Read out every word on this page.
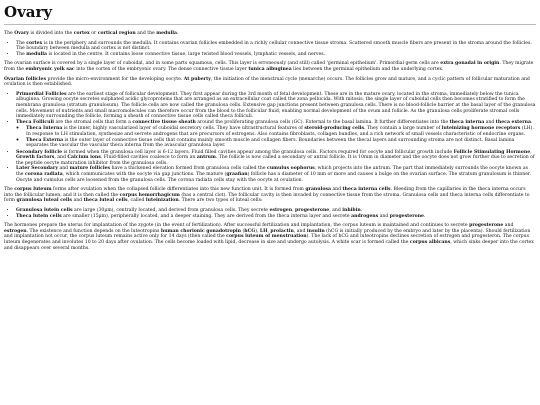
Ovary

The Ovary is divided into the cortex or cortical region and the medulla.

• The cortex is in the periphery and surrounds the medulla. It contains ovarian follicles embedded in a richly cellular connective tissue stroma. Scattered smooth muscle fibers are present in the stroma around the follicles. The boundary between medulla and cortex is not distinct.
• The medulla is located in the centre. It contains loose connective tissue, large twisted blood vessels, lymphatic vessels, and nerves.

The ovarian surface is covered by a single layer of cuboidal, and in some parts squamous, cells. This layer is erroneously (and still) called 'germinal epithelium'. Primordial germ cells are extra gonadal in origin. They migrate from the embryonic yolk sac into the cortex of the embryonic ovary. The dense connective tissue layer tunica albuginea lies between the germinal epithelium and the underlying cortex.

Ovarian follicles provide the micro-environment for the developing oocyte. At puberty, the initiation of the menstrual cycle (menarche) occurs. The follicles grow and mature, and a cyclic pattern of follicular maturation and ovulation is then established.

• Primordial Follicles are the earliest stage of follicular development. They first appear during the 3rd month of fetal development. These are in the mature ovary, located in the stroma, immediately below the tunica albuginea. Growing oocyte secretes sulphated acidic glycoproteins that are arranged as an extracellular coat called the zona pellucida. With mitosis, the single layer of cuboidal cells then becomes stratified to form the membrana granulosa (stratum granulosum). The follicle cells are now called the granulosa cells. Extensive gap junctions present between granulosa cells. There is no blood-follicle barrier at the basal layer of the granulosa cells. Movement of nutrients and small macromolecules can therefore occur from the blood to the follicular fluid, enabling normal development of the ovum and follicle. As the granulosa cells proliferate stromal cells immediately surrounding the follicle, forming a sheath of connective tissue cells called theca folliculi.
• Theca Folliculi are the stromal cells that form a connective tissue sheath around the proliferating granulosa cells (GC). External to the basal lamina. It further differentiates into the theca interna and theca externa.
◦ Theca Interna is the inner, highly vascularized layer of cuboidal secretory cells. They have ultrastructural features of steroid-producing cells. They contain a large number of luteinizing hormone receptors (LH). In response to LH stimulation, synthesize and secrete androgens that are precursors of estrogens. Also contains fibroblasts, collagen bundles, and a rich network of small vessels characteristic of endocrine organs.
◦ Theca Externa is the outer layer of connective tissue cells that contains mainly smooth muscle and collagen fibers. Boundaries between the thecal layers and surrounding stroma are not distinct. Basal lamina separates the vascular the vascular theca interna from the avascular granulosa layer.
• Secondary follicle is formed when the granulosa cell layer is 6-12 layers. Fluid filled cavities appear among the granulosa cells. Factors required for oocyte and follicular growth include Follicle Stimulating Hormone, Growth factors, and Calcium ions. Fluid-filled cavities coalesce to form an antrum. The follicle is now called a secondary or antral follicle. It is 10mm in diameter and the oocyte does not grow further due to secretion of the peptide oocyte maturation inhibitor from the granulosa cells.
• Later Secondary and mature follicles have a thickened elevation formed from granulosa cells called the cumulus oophorus, which projects into the antrum. The part that immediately surrounds the oocyte known as the corona radiata, which communicates with the oocyte via gap junctions. The mature (graafian) follicle has a diameter of 10 mm or more and causes a bulge on the ovarian surface. The stratum granulosum is thinner. Oocyte and cumulus cells are loosened from the granulosa cells. The corona radiata cells stay with the oocyte at ovulation.

The corpus luteum forms after ovulation when the collapsed follicle differentiates into this new function unit. It is formed from granulosa and theca interna cells. Bleeding from the capillaries in the theca interna occurs into the follicular lumen, and it is then called the corpus hemorrhagicum (has a central clot). The follicular cavity is then invaded by connective tissue from the stroma. Granulosa cells and theca interna cells differentiate to form granulosa luteal cells and theca luteal cells, called luteinization. There are two types of luteal cells:

• Granulosa lutein cells are large (30µm), centrally located, and derived from granulosa cells. They secrete estrogen, progesterone, and inhibin.
• Theca lutein cells are smaller (15µm), peripherally located, and a deeper staining. They are derived from the theca interna layer and secrete androgens and progesterone.

The hormones prepare the uterus for implantation of the zygote (in the event of fertilization). After successful fertilization and implantation, the corpus luteum is maintained and continues to secrete progesterone and estrogen. The existence and function depends on the luteotropins human chorionic gonadotropin (hCG), LH, prolactin, and insulin (hCG is initially produced by the embryo and later by the placenta). Should fertilization and implantation not occur, the corpus luteum remains active only for 14 days (then called the corpus luteum of menstruation). The lack of hCG and luteotropins declines secretion of estrogen and progesteron. The corpus luteum degenerates and involutes 10 to 20 days after ovulation. The cells become loaded with lipid, decrease in size and undergo autolysis. A white scar is formed called the corpus albicans, which sinks deeper into the cortex and disappears over several months.
